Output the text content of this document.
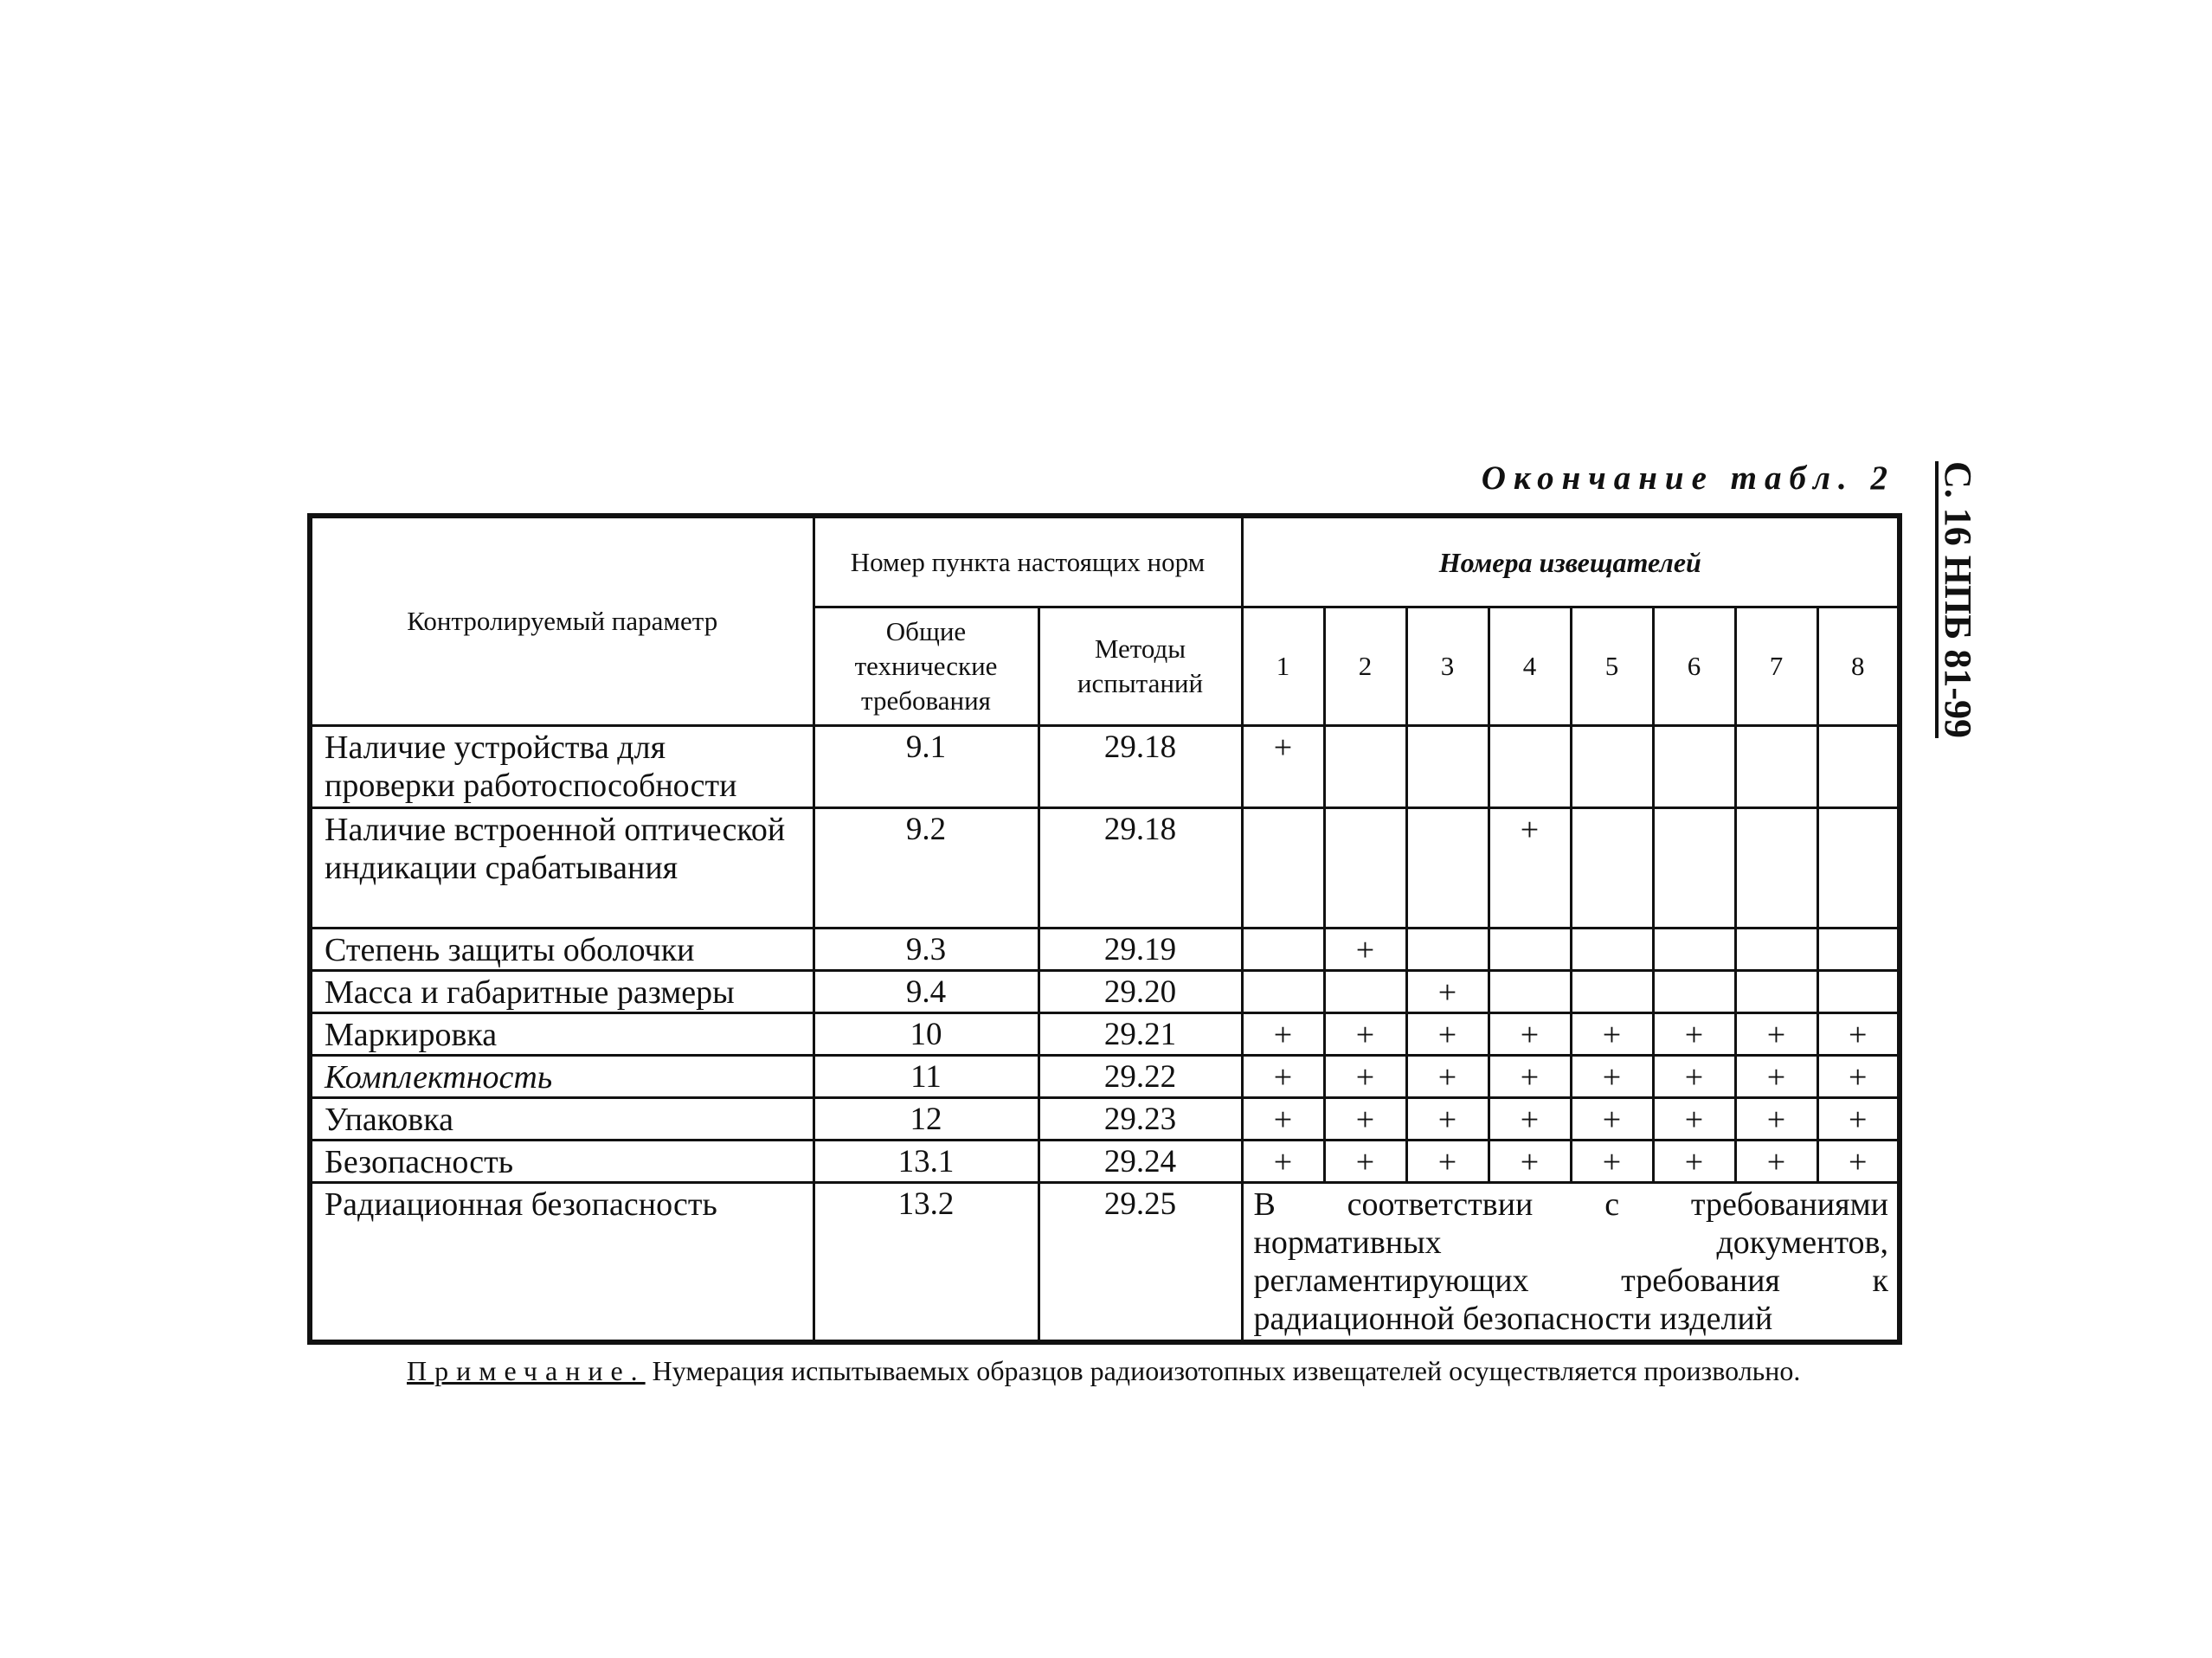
Окончание табл. 2 С. 16 НПБ 81-99
Контролируемый параметр	Номер пункта настоящих норм		Номера извещателей							
	Общие технические требования	Методы испытаний	1	2	3	4	5	6	7	8
Наличие устройства для проверки работоспособности	9.1	29.18	+							
Наличие встроенной оптической индикации срабатывания	9.2	29.18				+				
Степень защиты оболочки	9.3	29.19		+						
Масса и габаритные размеры	9.4	29.20			+					
Маркировка	10	29.21	+	+	+	+	+	+	+	+
Комплектность	11	29.22	+	+	+	+	+	+	+	+
Упаковка	12	29.23	+	+	+	+	+	+	+	+
Безопасность	13.1	29.24	+	+	+	+	+	+	+	+
Радиационная безопасность	13.2	29.25	В соответствии с требованиями нормативных документов, регламентирующих требования к радиационной безопасности изделий							
Примечание. Нумерация испытываемых образцов радиоизотопных извещателей осуществляется произвольно.
